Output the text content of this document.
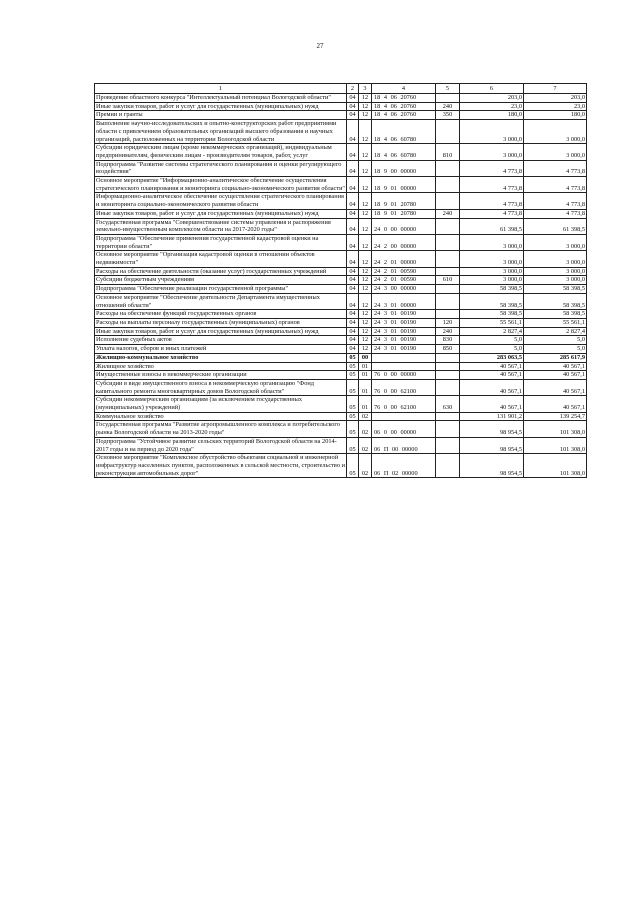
27
1	2	3	4	5	6	7
Проведение областного конкурса "Интеллектуальный потенциал Вологодской области"	04	12	18 4 06 20760		203,0	203,0
Иные закупки товаров, работ и услуг для государственных (муниципальных) нужд	04	12	18 4 06 20760	240	23,0	23,0
Премии и гранты	04	12	18 4 06 20760	350	180,0	180,0
Выполнение научно-исследовательских и опытно-конструкторских работ предприятиями области с привлечением образовательных организаций высшего образования и научных организаций, расположенных на территории Вологодской области	04	12	18 4 06 60780		3 000,0	3 000,0
Субсидии юридическим лицам (кроме некоммерческих организаций), индивидуальным предпринимателям, физическим лицам - производителям товаров, работ, услуг	04	12	18 4 06 60780	810	3 000,0	3 000,0
Подпрограмма "Развитие системы стратегического планирования и оценки регулирующего воздействия"	04	12	18 9 00 00000		4 773,8	4 773,8
Основное мероприятие "Информационно-аналитическое обеспечение осуществления стратегического планирования и мониторинга социально-экономического развития области"	04	12	18 9 01 00000		4 773,8	4 773,8
Информационно-аналитическое обеспечение осуществления стратегического планирования и мониторинга социально-экономического развития области	04	12	18 9 01 20780		4 773,8	4 773,8
Иные закупки товаров, работ и услуг для государственных (муниципальных) нужд	04	12	18 9 01 20780	240	4 773,8	4 773,8
Государственная программа "Совершенствование системы управления и распоряжения земельно-имущественным комплексом области на 2017-2020 годы"	04	12	24 0 00 00000		61 398,5	61 398,5
Подпрограмма "Обеспечение применения государственной кадастровой оценки на территории области"	04	12	24 2 00 00000		3 000,0	3 000,0
Основное мероприятие "Организация кадастровой оценки в отношении объектов недвижимости"	04	12	24 2 01 00000		3 000,0	3 000,0
Расходы на обеспечение деятельности (оказание услуг) государственных учреждений	04	12	24 2 01 00590		3 000,0	3 000,0
Субсидии бюджетным учреждениям	04	12	24 2 01 00590	610	3 000,0	3 000,0
Подпрограмма "Обеспечение реализации государственной программы"	04	12	24 3 00 00000		58 398,5	58 398,5
Основное мероприятие "Обеспечение деятельности Департамента имущественных отношений области"	04	12	24 3 01 00000		58 398,5	58 398,5
Расходы на обеспечение функций государственных органов	04	12	24 3 01 00190		58 398,5	58 398,5
Расходы на выплаты персоналу государственных (муниципальных) органов	04	12	24 3 01 00190	120	55 561,1	55 561,1
Иные закупки товаров, работ и услуг для государственных (муниципальных) нужд	04	12	24 3 01 00190	240	2 827,4	2 827,4
Исполнение судебных актов	04	12	24 3 01 00190	830	5,0	5,0
Уплата налогов, сборов и иных платежей	04	12	24 3 01 00190	850	5,0	5,0
Жилищно-коммунальное хозяйство	05	00			283 063,5	285 617,9
Жилищное хозяйство	05	01			40 567,1	40 567,1
Имущественные взносы в некоммерческие организации	05	01	76 0 00 00000		40 567,1	40 567,1
Субсидии в виде имущественного взноса в некоммерческую организацию "Фонд капитального ремонта многоквартирных домов Вологодской области"	05	01	76 0 00 62100		40 567,1	40 567,1
Субсидии некоммерческим организациям (за исключением государственных (муниципальных) учреждений)	05	01	76 0 00 62100	630	40 567,1	40 567,1
Коммунальное хозяйство	05	02			131 901,2	139 254,7
Государственная программа "Развитие агропромышленного комплекса и потребительского рынка Вологодской области на 2013-2020 годы"	05	02	06 0 00 00000		98 954,5	101 308,0
Подпрограмма "Устойчивое развитие сельских территорий Вологодской области на 2014-2017 годы и на период до 2020 года"	05	02	06 П 00 00000		98 954,5	101 308,0
Основное мероприятие "Комплексное обустройство объектами социальной и инженерной инфраструктур населенных пунктов, расположенных в сельской местности, строительство и реконструкция автомобильных дорог"	05	02	06 П 02 00000		98 954,5	101 308,0
